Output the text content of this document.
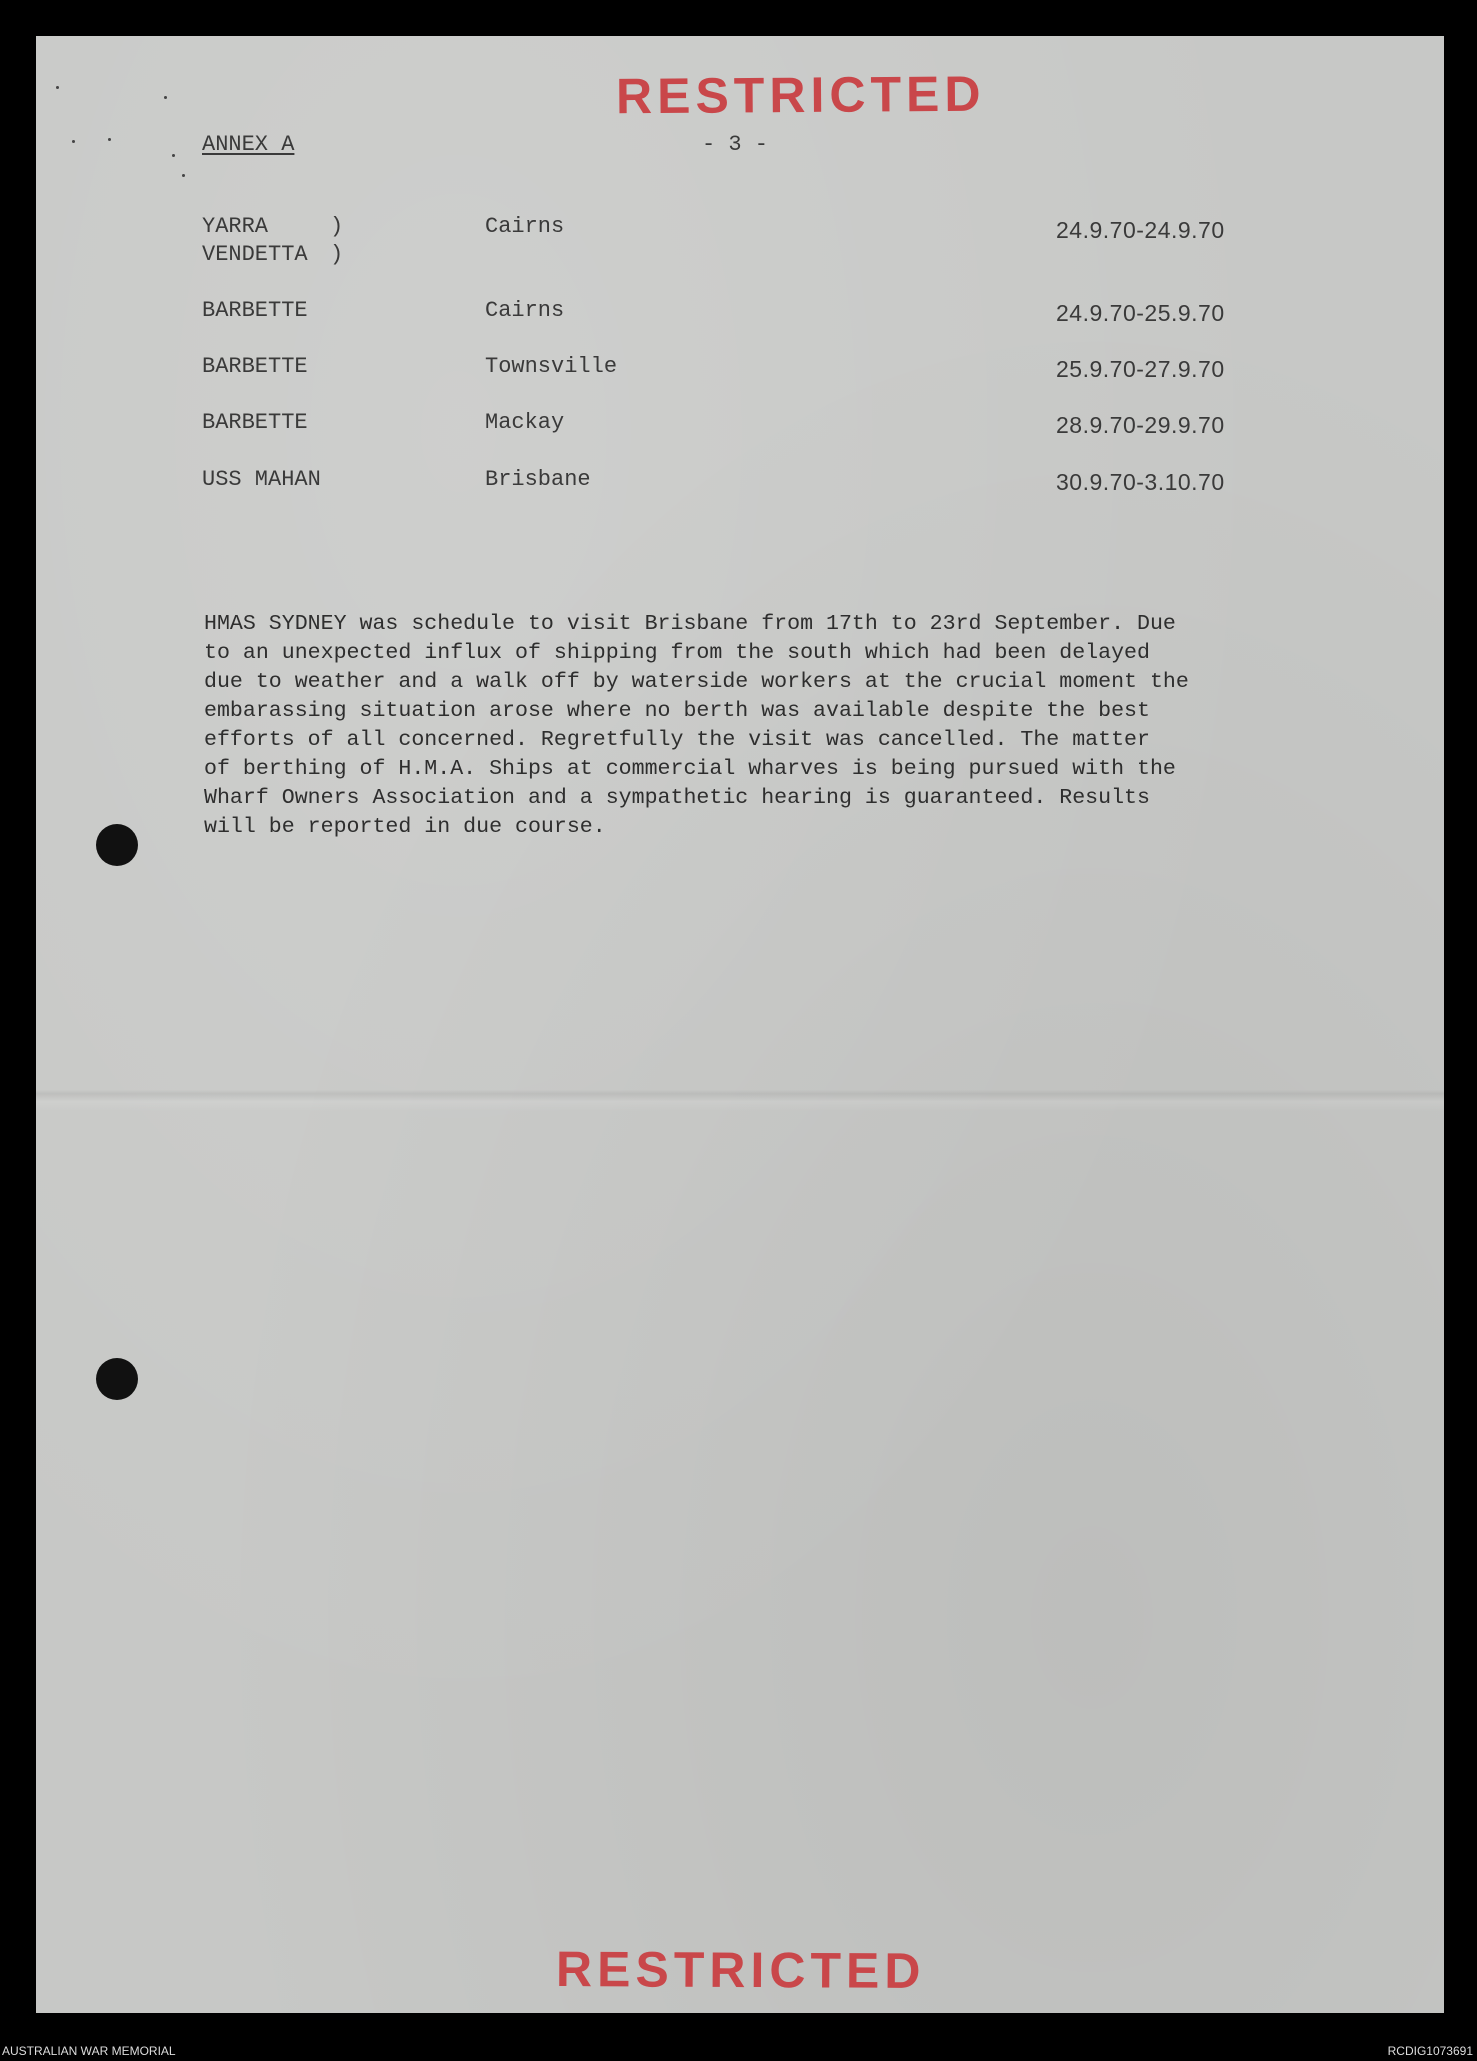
RESTRICTED
ANNEX A	- 3 -
YARRA	)	Cairns	24.9.70-24.9.70
VENDETTA )
BARBETTE	Cairns	24.9.70-25.9.70
BARBETTE	Townsville	25.9.70-27.9.70
BARBETTE	Mackay	28.9.70-29.9.70
USS MAHAN	Brisbane	30.9.70-3.10.70
HMAS SYDNEY was schedule to visit Brisbane from 17th to 23rd September. Due
to an unexpected influx of shipping from the south which had been delayed
due to weather and a walk off by waterside workers at the crucial moment the
embarassing situation arose where no berth was available despite the best
efforts of all concerned. Regretfully the visit was cancelled. The matter
of berthing of H.M.A. Ships at commercial wharves is being pursued with the
Wharf Owners Association and a sympathetic hearing is guaranteed. Results
will be reported in due course.
RESTRICTED
AUSTRALIAN WAR MEMORIAL	RCDIG1073691
